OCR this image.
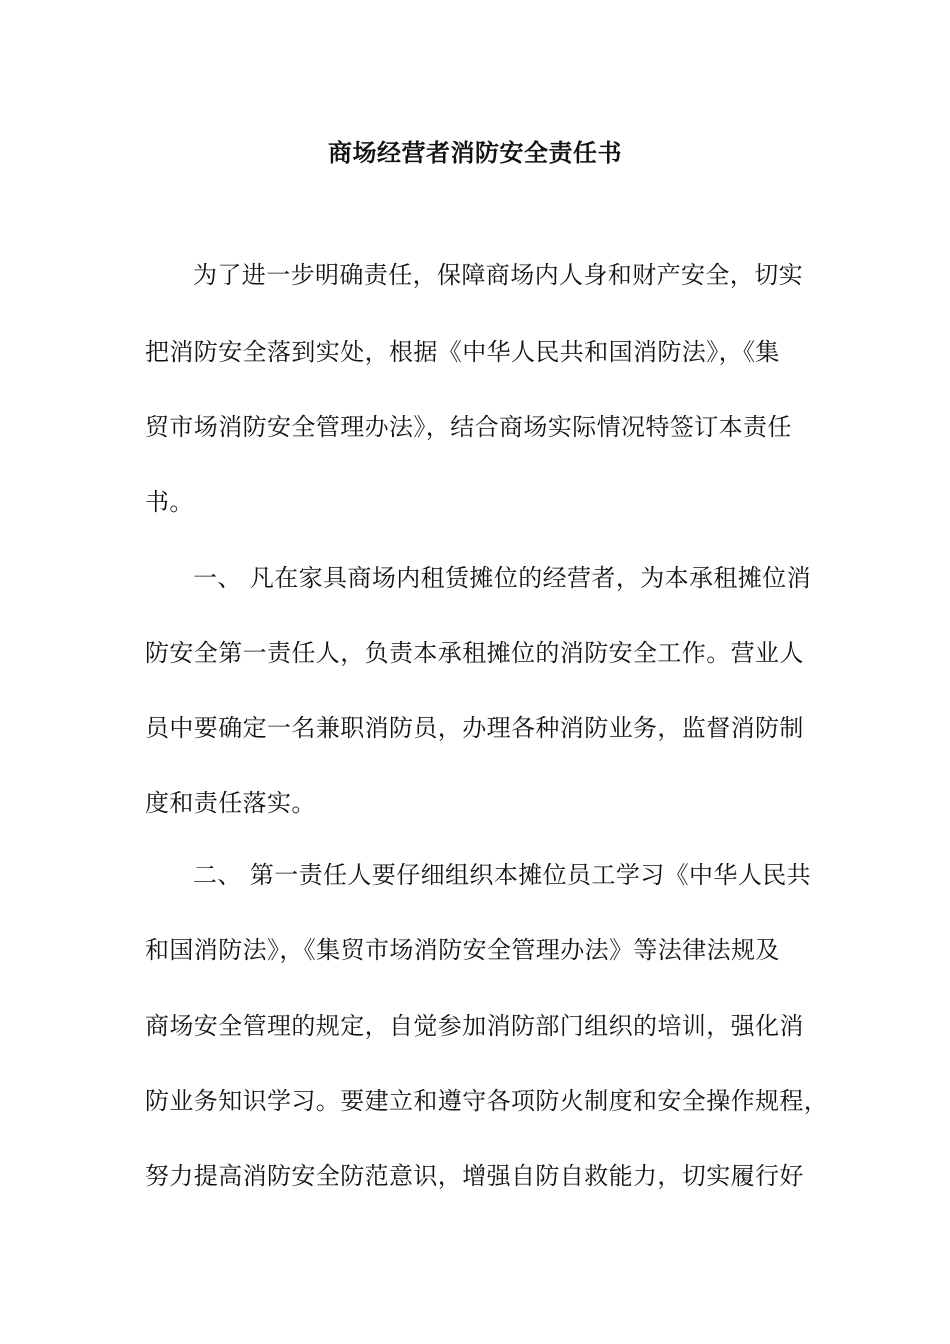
商场经营者消防安全责任书
为了进一步明确责任，保障商场内人身和财产安全，切实
把消防安全落到实处，根据《中华人民共和国消防法》，《集
贸市场消防安全管理办法》，结合商场实际情况特签订本责任
书。
一、 凡在家具商场内租赁摊位的经营者，为本承租摊位消
防安全第一责任人，负责本承租摊位的消防安全工作。营业人
员中要确定一名兼职消防员，办理各种消防业务，监督消防制
度和责任落实。
二、 第一责任人要仔细组织本摊位员工学习《中华人民共
和国消防法》，《集贸市场消防安全管理办法》等法律法规及
商场安全管理的规定，自觉参加消防部门组织的培训，强化消
防业务知识学习。要建立和遵守各项防火制度和安全操作规程，
努力提高消防安全防范意识，增强自防自救能力，切实履行好
